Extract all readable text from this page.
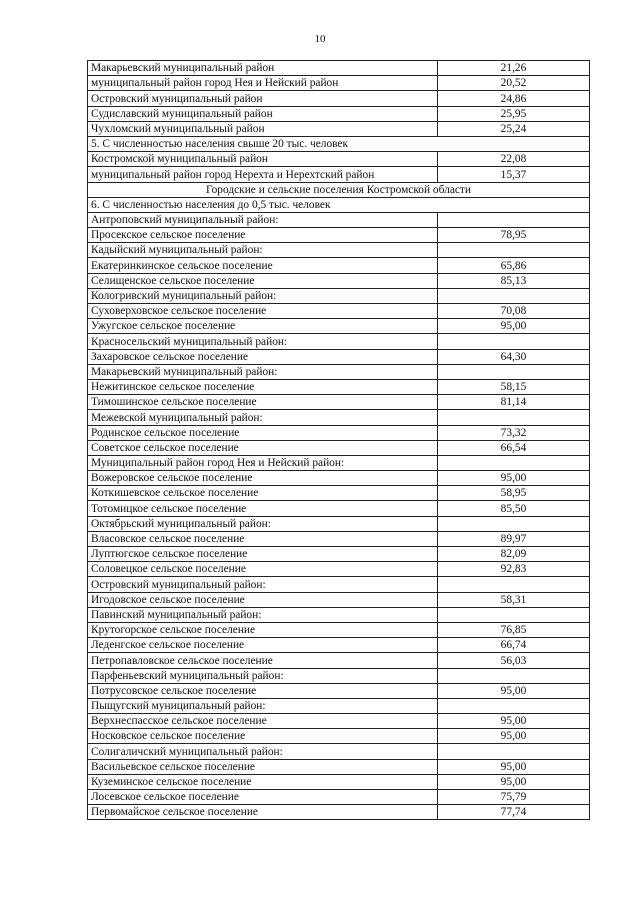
10
Макарьевский муниципальный район	21,26
муниципальный район город Нея и Нейский район	20,52
Островский муниципальный район	24,86
Судиславский муниципальный район	25,95
Чухломский муниципальный район	25,24
5. С численностью населения свыше 20 тыс. человек	
Костромской муниципальный район	22,08
муниципальный район город Нерехта и Нерехтский район	15,37
Городские и сельские поселения Костромской области	
6. С численностью населения до 0,5 тыс. человек	
Антроповский муниципальный район:	
Просекское сельское поселение	78,95
Кадыйский муниципальный район:	
Екатеринкинское сельское поселение	65,86
Селищенское сельское поселение	85,13
Кологривский муниципальный район:	
Суховерховское сельское поселение	70,08
Ужугское сельское поселение	95,00
Красносельский муниципальный район:	
Захаровское сельское поселение	64,30
Макарьевский муниципальный район:	
Нежитинское сельское поселение	58,15
Тимошинское сельское поселение	81,14
Межевской муниципальный район:	
Родинское сельское поселение	73,32
Советское сельское поселение	66,54
Муниципальный район город Нея и Нейский район:	
Вожеровское сельское поселение	95,00
Коткишевское сельское поселение	58,95
Тотомицкое сельское поселение	85,50
Октябрьский муниципальный район:	
Власовское сельское поселение	89,97
Луптюгское сельское поселение	82,09
Соловецкое сельское поселение	92,83
Островский муниципальный район:	
Игодовское сельское поселение	58,31
Павинский муниципальный район:	
Крутогорское сельское поселение	76,85
Леденгское сельское поселение	66,74
Петропавловское сельское поселение	56,03
Парфеньевский муниципальный район:	
Потрусовское сельское поселение	95,00
Пыщугский муниципальный район:	
Верхнеспасское сельское поселение	95,00
Носковское сельское поселение	95,00
Солигаличский муниципальный район:	
Васильевское сельское поселение	95,00
Куземинское сельское поселение	95,00
Лосевское сельское поселение	75,79
Первомайское сельское поселение	77,74
